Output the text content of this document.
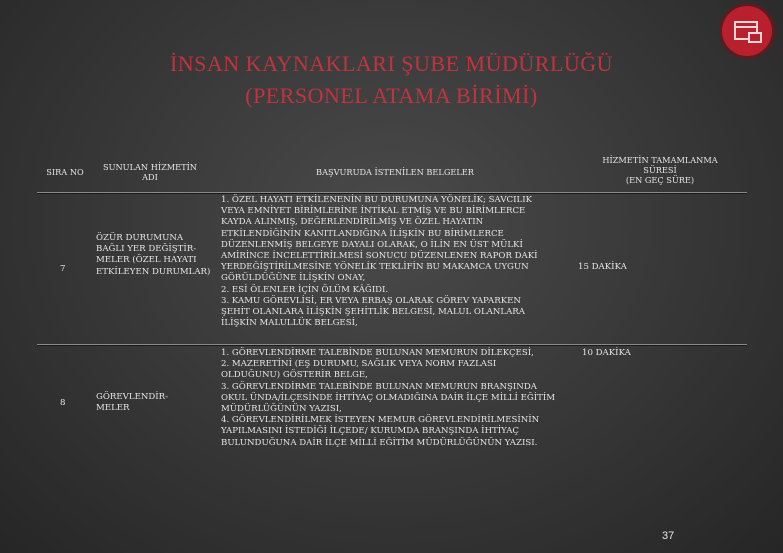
İNSAN KAYNAKLARI ŞUBE MÜDÜRLÜĞÜ
(PERSONEL ATAMA BİRİMİ)
SIRA NO	SUNULAN HİZMETİN ADI	BAŞVURUDA İSTENİLEN BELGELER
HİZMETİN TAMAMLANMA SÜRESİ
(EN GEÇ SÜRE)
7
ÖZÜR DURUMUNA BAĞLI YER DEĞİŞTİR-MELER (ÖZEL HAYATI ETKİLEYEN DURUMLAR)
1. ÖZEL HAYATI ETKİLENENİN BU DURUMUNA YÖNELİK; SAVCILIK
VEYA EMNİYET BİRİMLERİNE İNTİKAL ETMİŞ VE BU BİRİMLERCE
KAYDA ALINMIŞ, DEĞERLENDİRİLMİŞ VE ÖZEL HAYATIN
ETKİLENDİĞİNİN KANITLANDIĞINA İLİŞKİN BU BİRİMLERCE
DÜZENLENMİŞ BELGEYE DAYALI OLARAK, O İLİN EN ÜST MÜLKİ
AMİRİNCE İNCELETTİRİLMESİ SONUCU DÜZENLENEN RAPOR DAKİ
YERDEĞİŞTİRİLMESİNE YÖNELİK TEKLİFİN BU MAKAMCA UYGUN
GÖRÜLDÜĞÜNE İLİŞKİN ONAY,
2. ESİ ÖLENLER İÇİN ÖLÜM KÂĞIDI.
3. KAMU GÖREVLİSİ, ER VEYA ERBAŞ OLARAK GÖREV YAPARKEN
ŞEHİT OLANLARA İLİŞKİN ŞEHİTLİK BELGESİ, MALUL OLANLARA
İLİŞKİN MALULLÜK BELGESİ,
15 DAKİKA
8
GÖREVLENDİR-MELER
1. GÖREVLENDİRME TALEBİNDE BULUNAN MEMURUN DİLEKÇESİ,
2. MAZERETİNİ (EŞ DURUMU, SAĞLIK VEYA NORM FAZLASI
OLDUĞUNU) GÖSTERİR BELGE,
3. GÖREVLENDİRME TALEBİNDE BULUNAN MEMURUN BRANŞINDA
OKUL ÜNDA/İLÇESİNDE İHTİYAÇ OLMADIĞINA DAİR İLÇE MİLLİ EĞİTİM
MÜDÜRLÜĞÜNÜN YAZISI,
4. GÖREVLENDİRİLMEK İSTEYEN MEMUR GÖREVLENDİRİLMESİNİN
YAPILMASINI İSTEDİĞİ İLÇEDE/ KURUMDA BRANŞINDA İHTİYAÇ
BULUNDUĞUNA DAİR İLÇE MİLLİ EĞİTİM MÜDÜRLÜĞÜNÜN YAZISI.
10 DAKİKA
37
